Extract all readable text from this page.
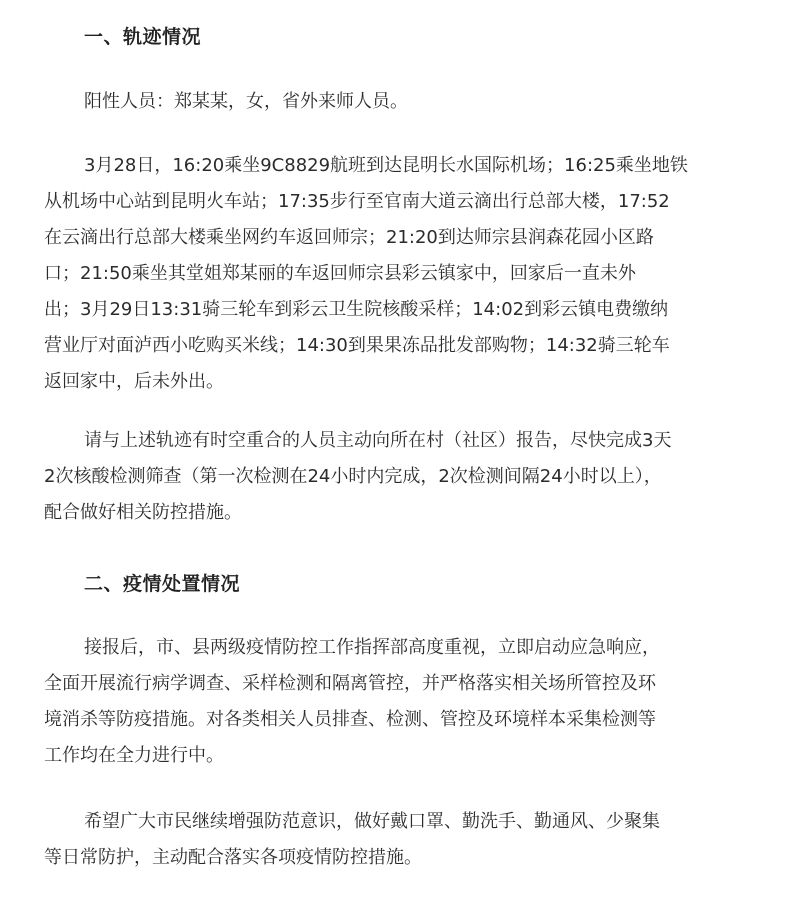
一、轨迹情况
阳性人员：郑某某，女，省外来师人员。
3月28日，16:20乘坐9C8829航班到达昆明长水国际机场；16:25乘坐地铁
从机场中心站到昆明火车站；17:35步行至官南大道云滴出行总部大楼，17:52
在云滴出行总部大楼乘坐网约车返回师宗；21:20到达师宗县润森花园小区路
口；21:50乘坐其堂姐郑某丽的车返回师宗县彩云镇家中，回家后一直未外
出；3月29日13:31骑三轮车到彩云卫生院核酸采样；14:02到彩云镇电费缴纳
营业厅对面泸西小吃购买米线；14:30到果果冻品批发部购物；14:32骑三轮车
返回家中，后未外出。
请与上述轨迹有时空重合的人员主动向所在村（社区）报告，尽快完成3天
2次核酸检测筛查（第一次检测在24小时内完成，2次检测间隔24小时以上），
配合做好相关防控措施。
二、疫情处置情况
接报后，市、县两级疫情防控工作指挥部高度重视，立即启动应急响应，
全面开展流行病学调查、采样检测和隔离管控，并严格落实相关场所管控及环
境消杀等防疫措施。对各类相关人员排查、检测、管控及环境样本采集检测等
工作均在全力进行中。
希望广大市民继续增强防范意识，做好戴口罩、勤洗手、勤通风、少聚集
等日常防护，主动配合落实各项疫情防控措施。
